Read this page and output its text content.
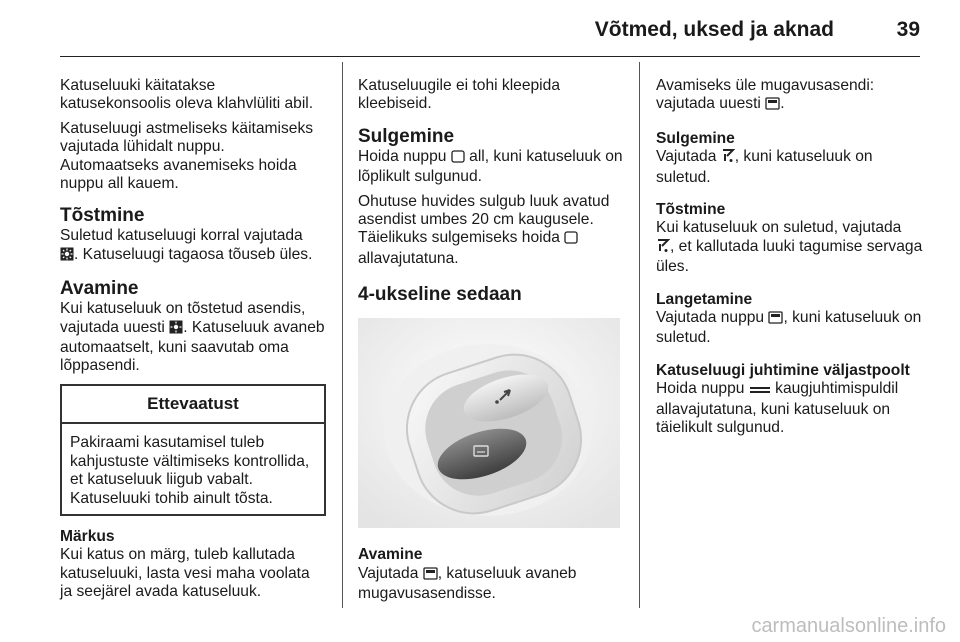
Võtmed, uksed ja aknad	39

Katuseluuki käitatakse katusekonsoolis oleva klahvlüliti abil.

Katuseluugi astmeliseks käitamiseks vajutada lühidalt nuppu.
Automaatseks avanemiseks hoida nuppu all kauem.

Tõstmine

Suletud katuseluugi korral vajutada
. Katuseluugi tagaosa tõuseb üles.

Avamine

Kui katuseluuk on tõstetud asendis, vajutada uuesti . Katuseluuk avaneb automaatselt, kuni saavutab oma lõppasendi.

Ettevaatust
Pakiraami kasutamisel tuleb kahjustuste vältimiseks kontrollida, et katuseluuk liigub vabalt. Katuseluuki tohib ainult tõsta.
Märkus
Kui katus on märg, tuleb kallutada katuseluuki, lasta vesi maha voolata ja seejärel avada katuseluuk.

Katuseluugile ei tohi kleepida kleebiseid.

Sulgemine

Hoida nuppu all, kuni katuseluuk on lõplikult sulgunud.

Ohutuse huvides sulgub luuk avatud asendist umbes 20 cm kaugusele.

Täielikuks sulgemiseks hoida
allavajutatuna.

4-ukseline sedaan
Avamine
Vajutada , katuseluuk avaneb mugavusasendisse.

Avamiseks üle mugavusasendi: vajutada uuesti .

Sulgemine

Vajutada , kuni katuseluuk on suletud.

Tõstmine

Kui katuseluuk on suletud, vajutada
, et kallutada luuki tagumise servaga üles.

Langetamine

Vajutada nuppu , kuni katuseluuk on suletud.

Katuseluugi juhtimine väljastpoolt

Hoida nuppu kaugjuhtimispuldil allavajutatuna, kuni katuseluuk on täielikult sulgunud.

carmanualsonline.info
